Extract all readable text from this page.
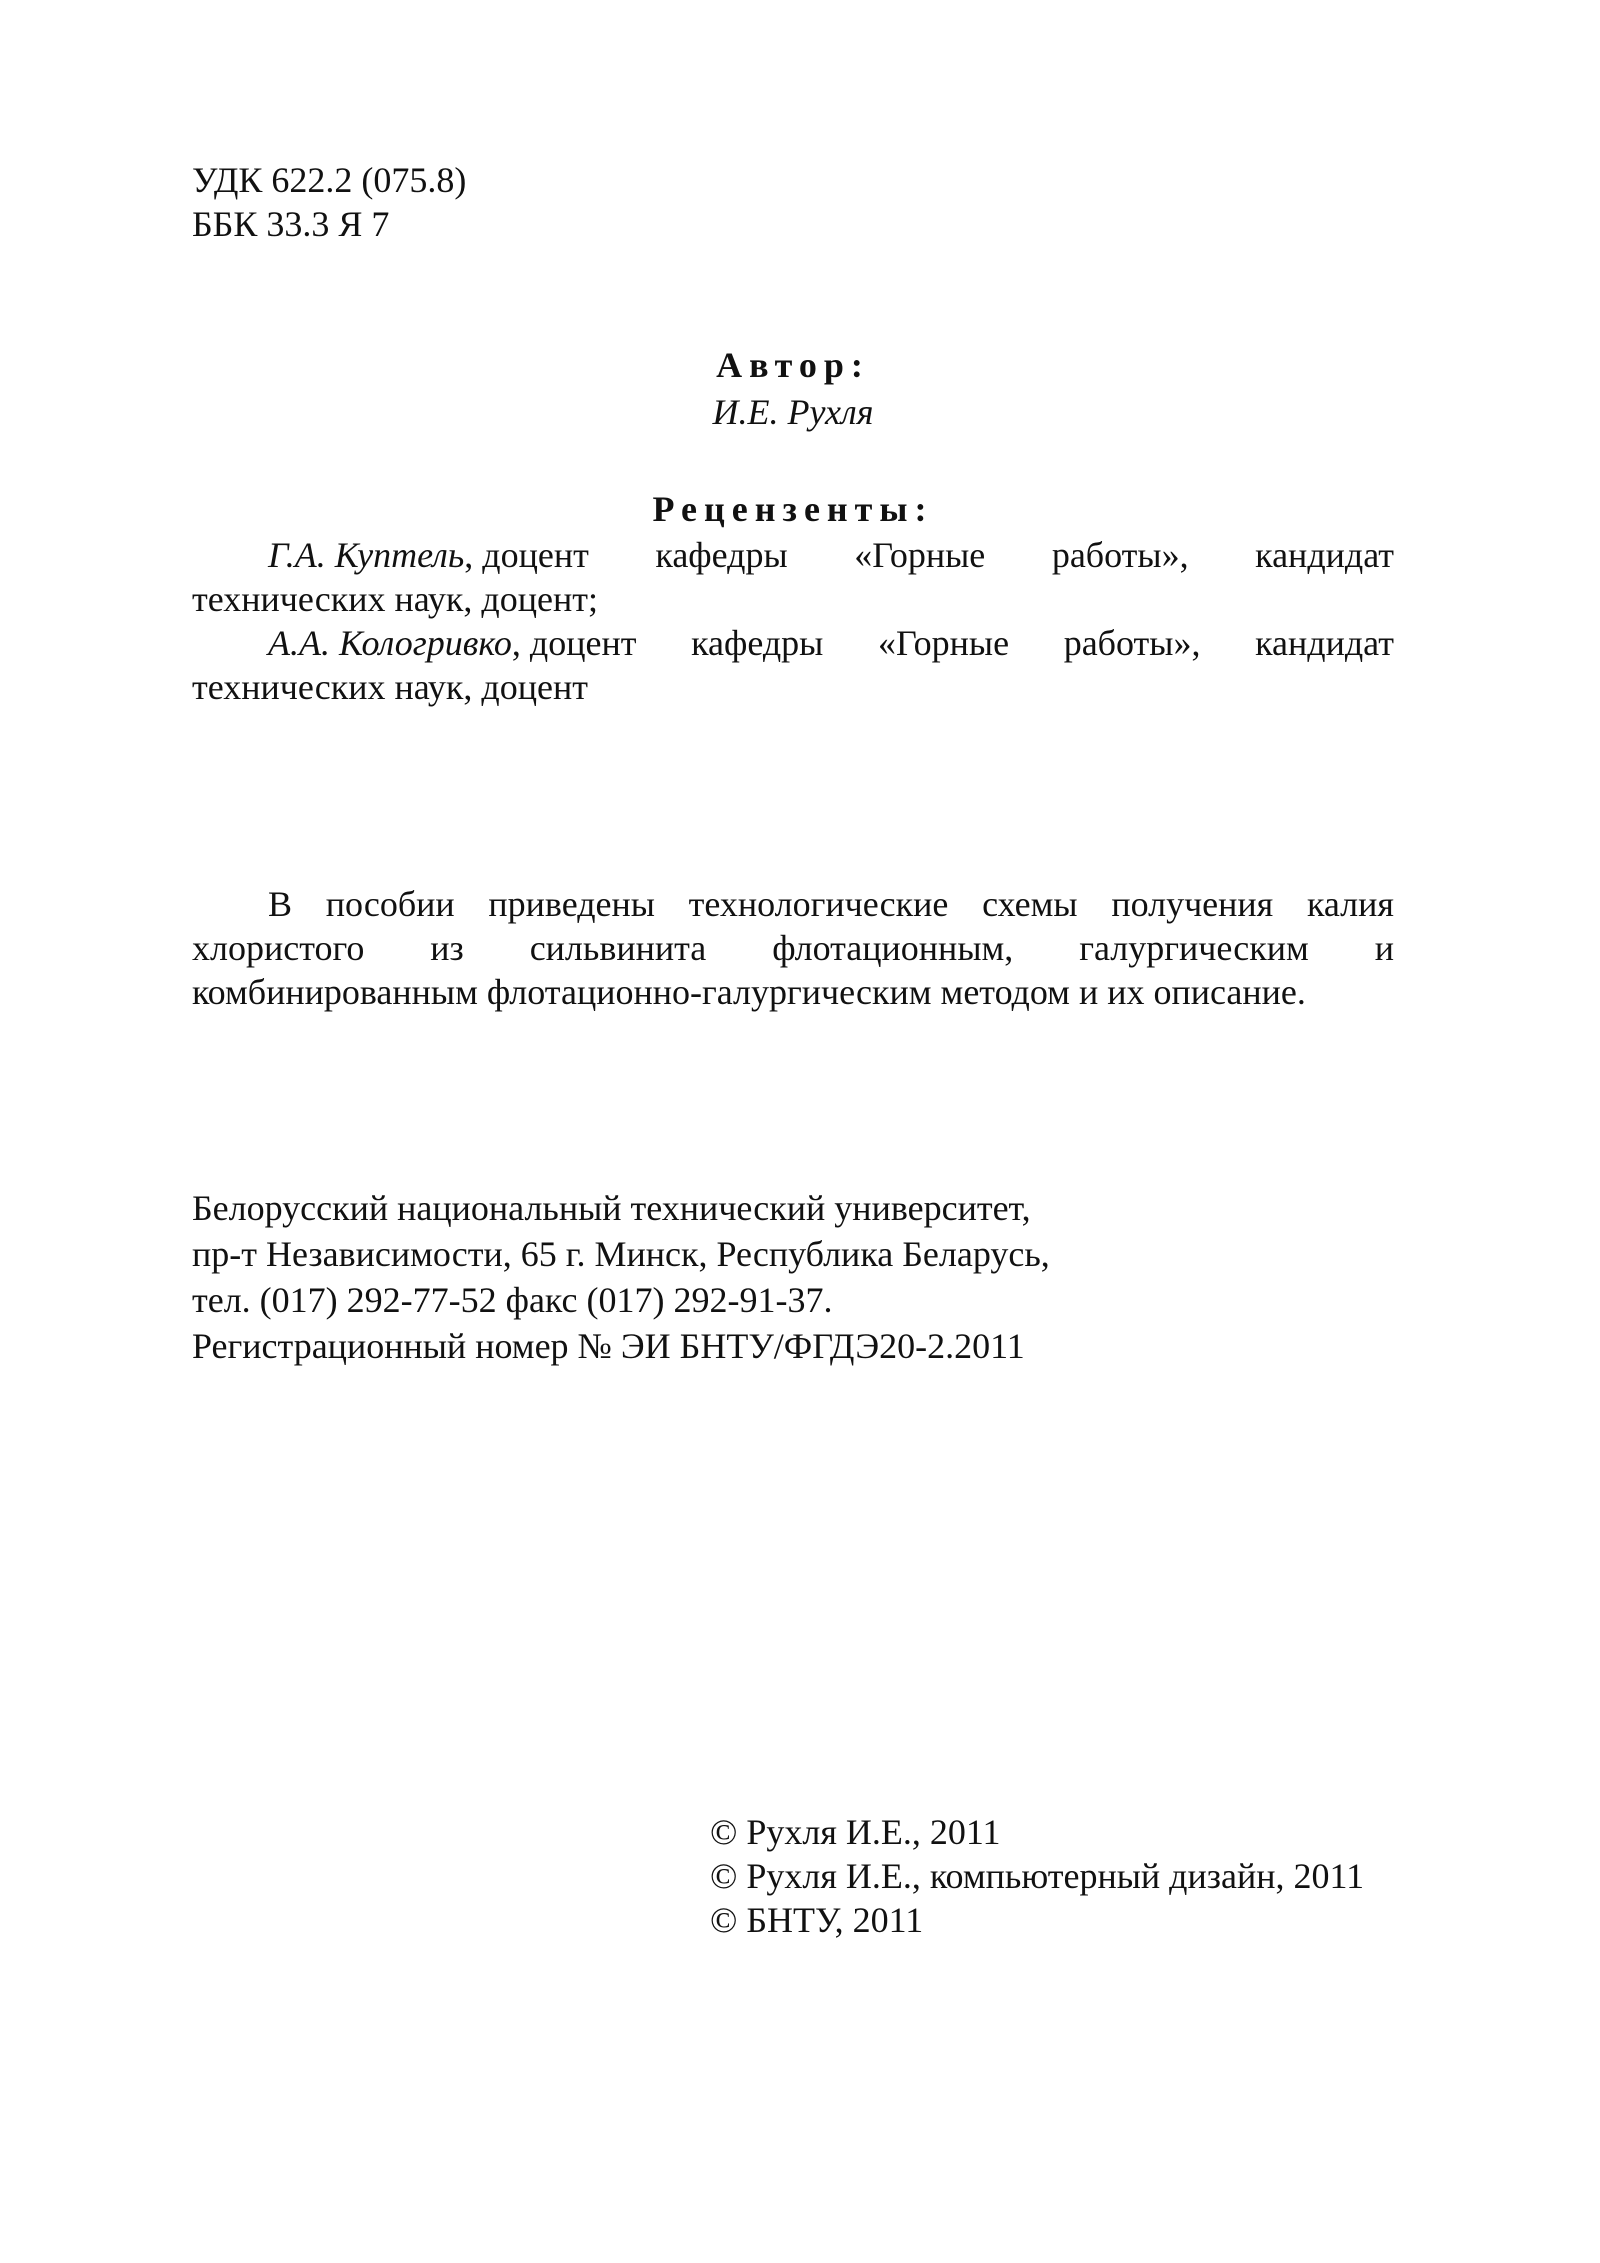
УДК 622.2 (075.8)
ББК 33.3 Я 7
Автор:
И.Е. Рухля
Рецензенты:
Г.А. Куптель, доцент кафедры «Горные работы», кандидат
технических наук, доцент;
А.А. Кологривко, доцент кафедры «Горные работы», кандидат
технических наук, доцент
В пособии приведены технологические схемы получения калия
хлористого из сильвинита флотационным, галургическим и
комбинированным флотационно-галургическим методом и их описание.
Белорусский национальный технический университет,
пр-т Независимости, 65 г. Минск, Республика Беларусь,
тел. (017) 292-77-52 факс (017) 292-91-37.
Регистрационный номер № ЭИ БНТУ/ФГДЭ20-2.2011
© Рухля И.Е., 2011
© Рухля И.Е., компьютерный дизайн, 2011
© БНТУ, 2011
